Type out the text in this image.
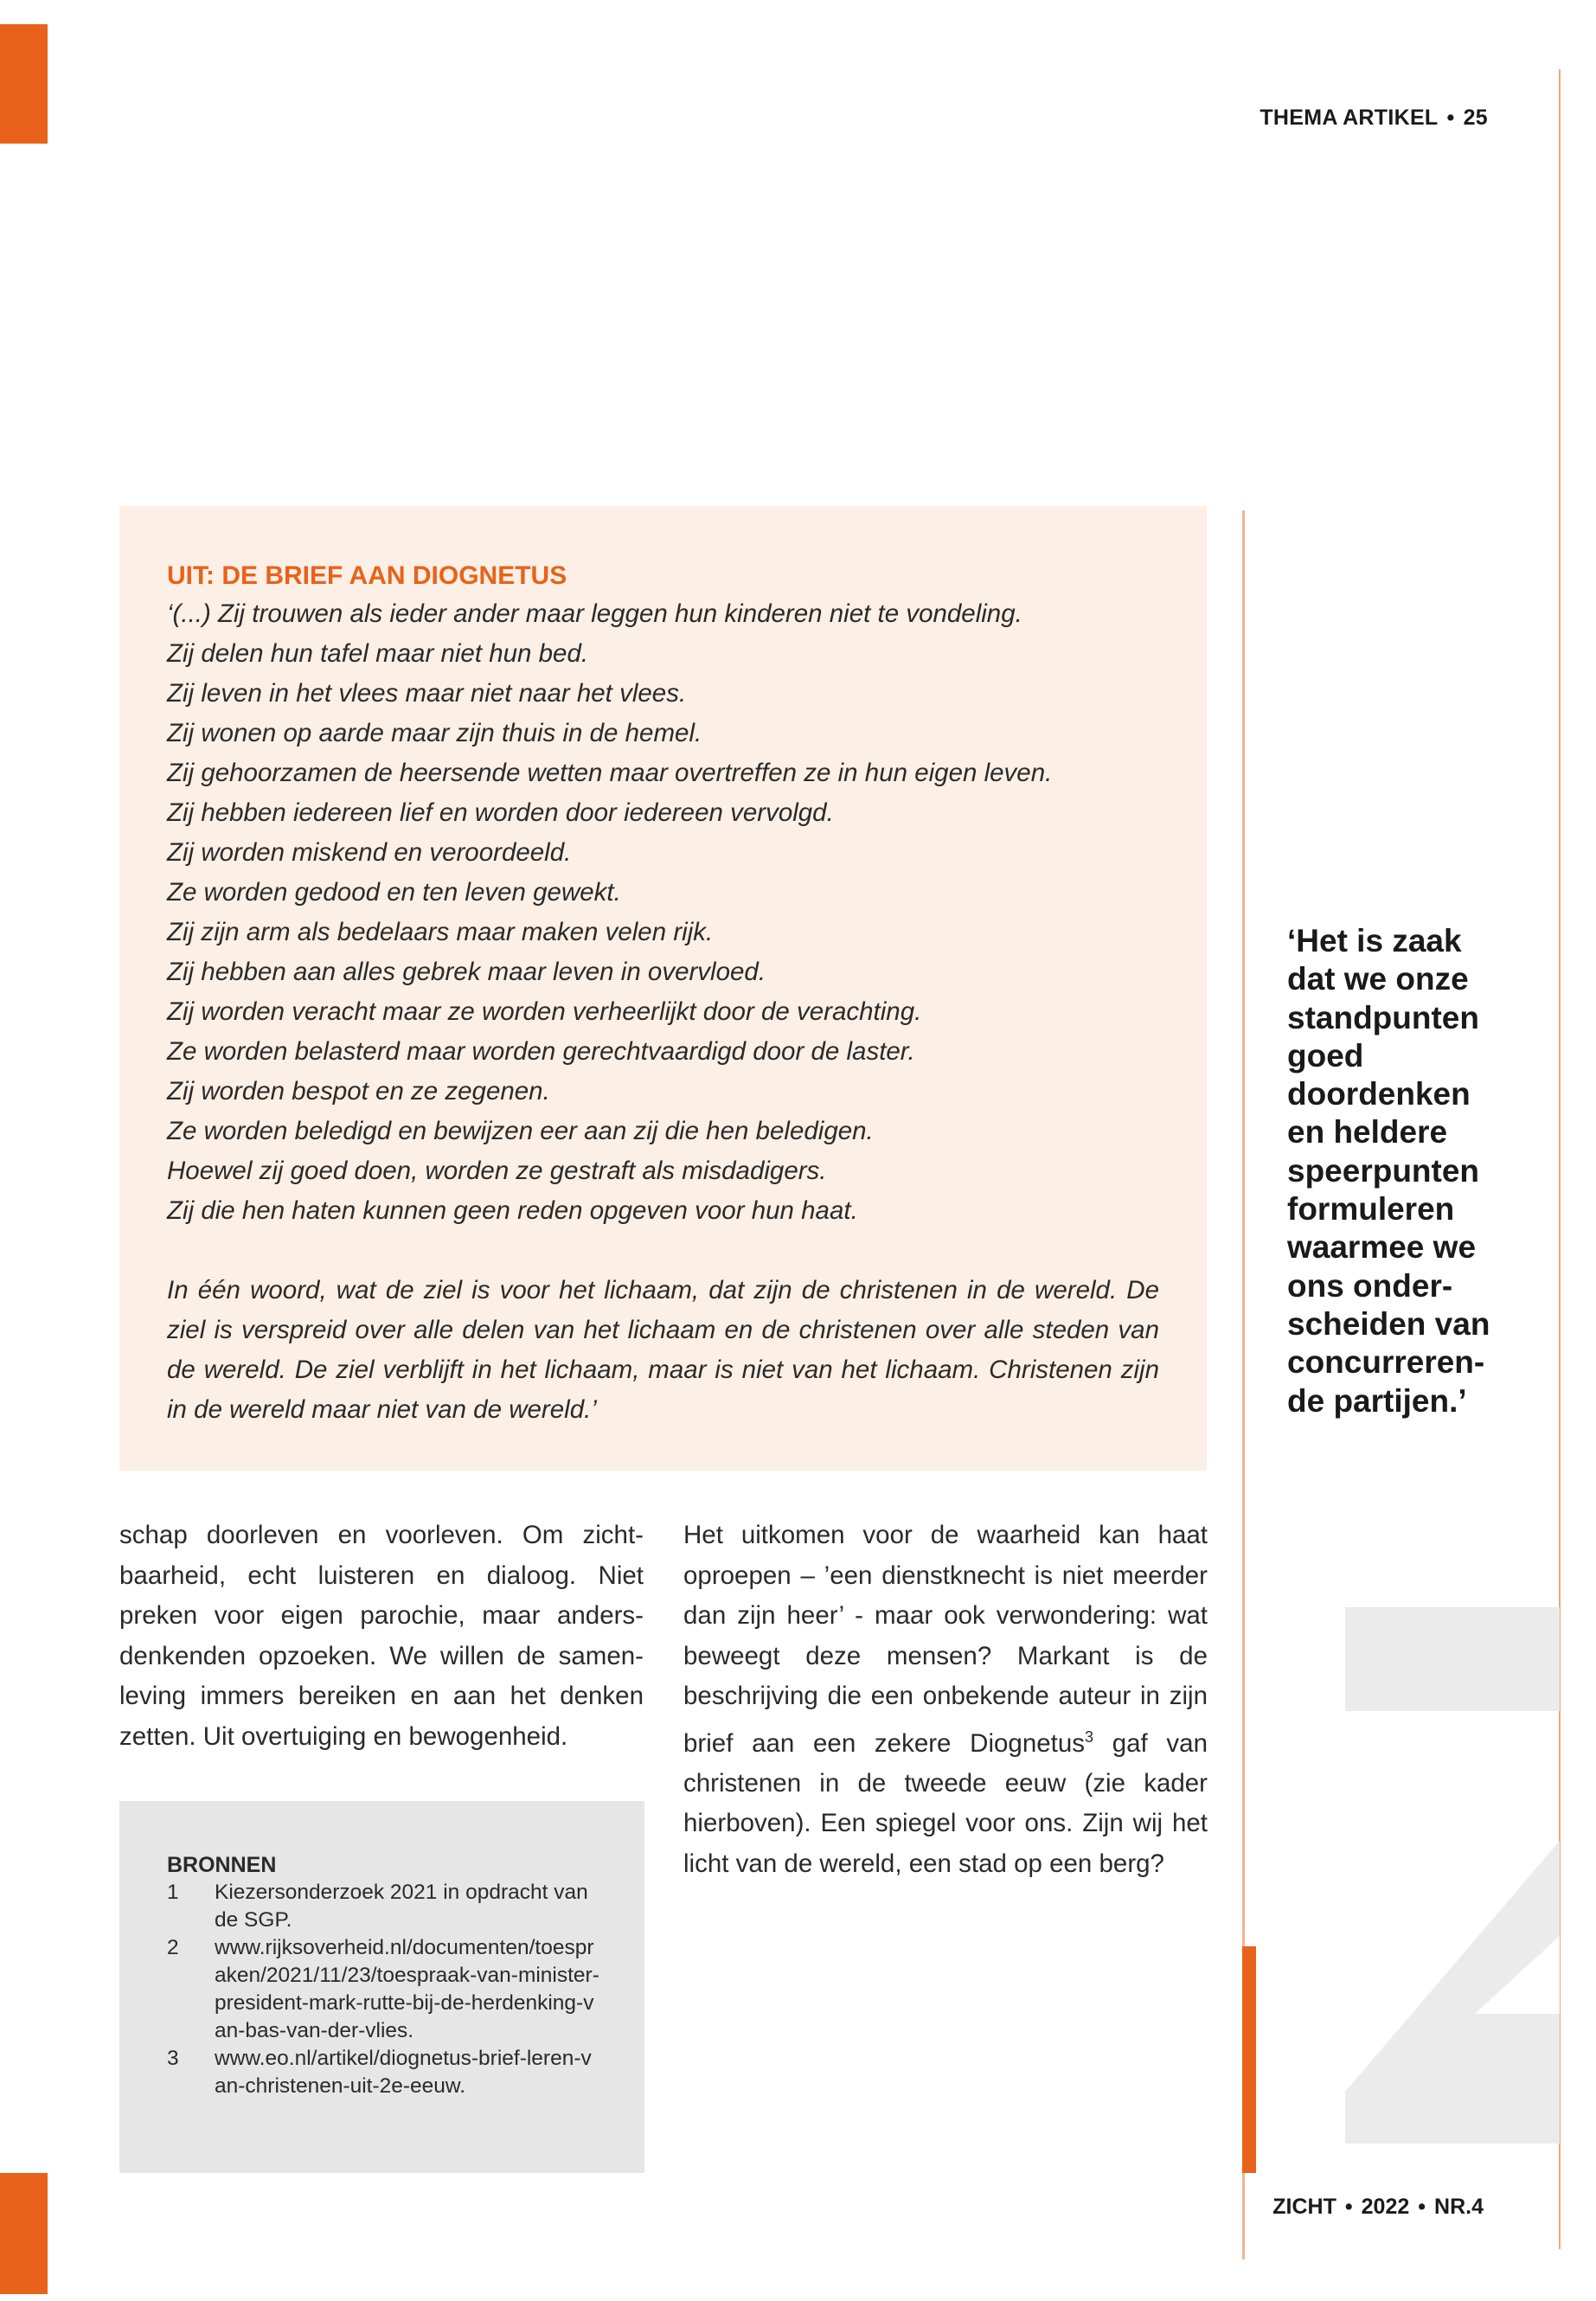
THEMA ARTIKEL • 25
UIT: DE BRIEF AAN DIOGNETUS
‘(...) Zij trouwen als ieder ander maar leggen hun kinderen niet te vondeling.
Zij delen hun tafel maar niet hun bed.
Zij leven in het vlees maar niet naar het vlees.
Zij wonen op aarde maar zijn thuis in de hemel.
Zij gehoorzamen de heersende wetten maar overtreffen ze in hun eigen leven.
Zij hebben iedereen lief en worden door iedereen vervolgd.
Zij worden miskend en veroordeeld.
Ze worden gedood en ten leven gewekt.
Zij zijn arm als bedelaars maar maken velen rijk.
Zij hebben aan alles gebrek maar leven in overvloed.
Zij worden veracht maar ze worden verheerlijkt door de verachting.
Ze worden belasterd maar worden gerechtvaardigd door de laster.
Zij worden bespot en ze zegenen.
Ze worden beledigd en bewijzen eer aan zij die hen beledigen.
Hoewel zij goed doen, worden ze gestraft als misdadigers.
Zij die hen haten kunnen geen reden opgeven voor hun haat.
In één woord, wat de ziel is voor het lichaam, dat zijn de christenen in de wereld. De ziel is verspreid over alle delen van het lichaam en de christenen over alle steden van de wereld. De ziel verblijft in het lichaam, maar is niet van het lichaam. Christenen zijn in de wereld maar niet van de wereld.’
‘Het is zaak dat we onze standpunten goed doordenken en heldere speerpunten formuleren waarmee we ons onderscheiden van concurrerende partijen.’
schap doorleven en voorleven. Om zichtbaarheid, echt luisteren en dialoog. Niet preken voor eigen parochie, maar andersdenkenden opzoeken. We willen de samenleving immers bereiken en aan het denken zetten. Uit overtuiging en bewogenheid.
Het uitkomen voor de waarheid kan haat oproepen – ’een dienstknecht is niet meerder dan zijn heer’ - maar ook verwondering: wat beweegt deze mensen? Markant is de beschrijving die een onbekende auteur in zijn brief aan een zekere Diognetus$^3$ gaf van christenen in de tweede eeuw (zie kader hierboven). Een spiegel voor ons. Zijn wij het licht van de wereld, een stad op een berg?
BRONNEN
1	Kiezersonderzoek 2021 in opdracht van de SGP.
2	www.rijksoverheid.nl/documenten/toespraken/2021/11/23/toespraak-van-minister-president-mark-rutte-bij-de-herdenking-van-bas-van-der-vlies.
3	www.eo.nl/artikel/diognetus-brief-leren-van-christenen-uit-2e-eeuw.
ZICHT • 2022 • NR.4
